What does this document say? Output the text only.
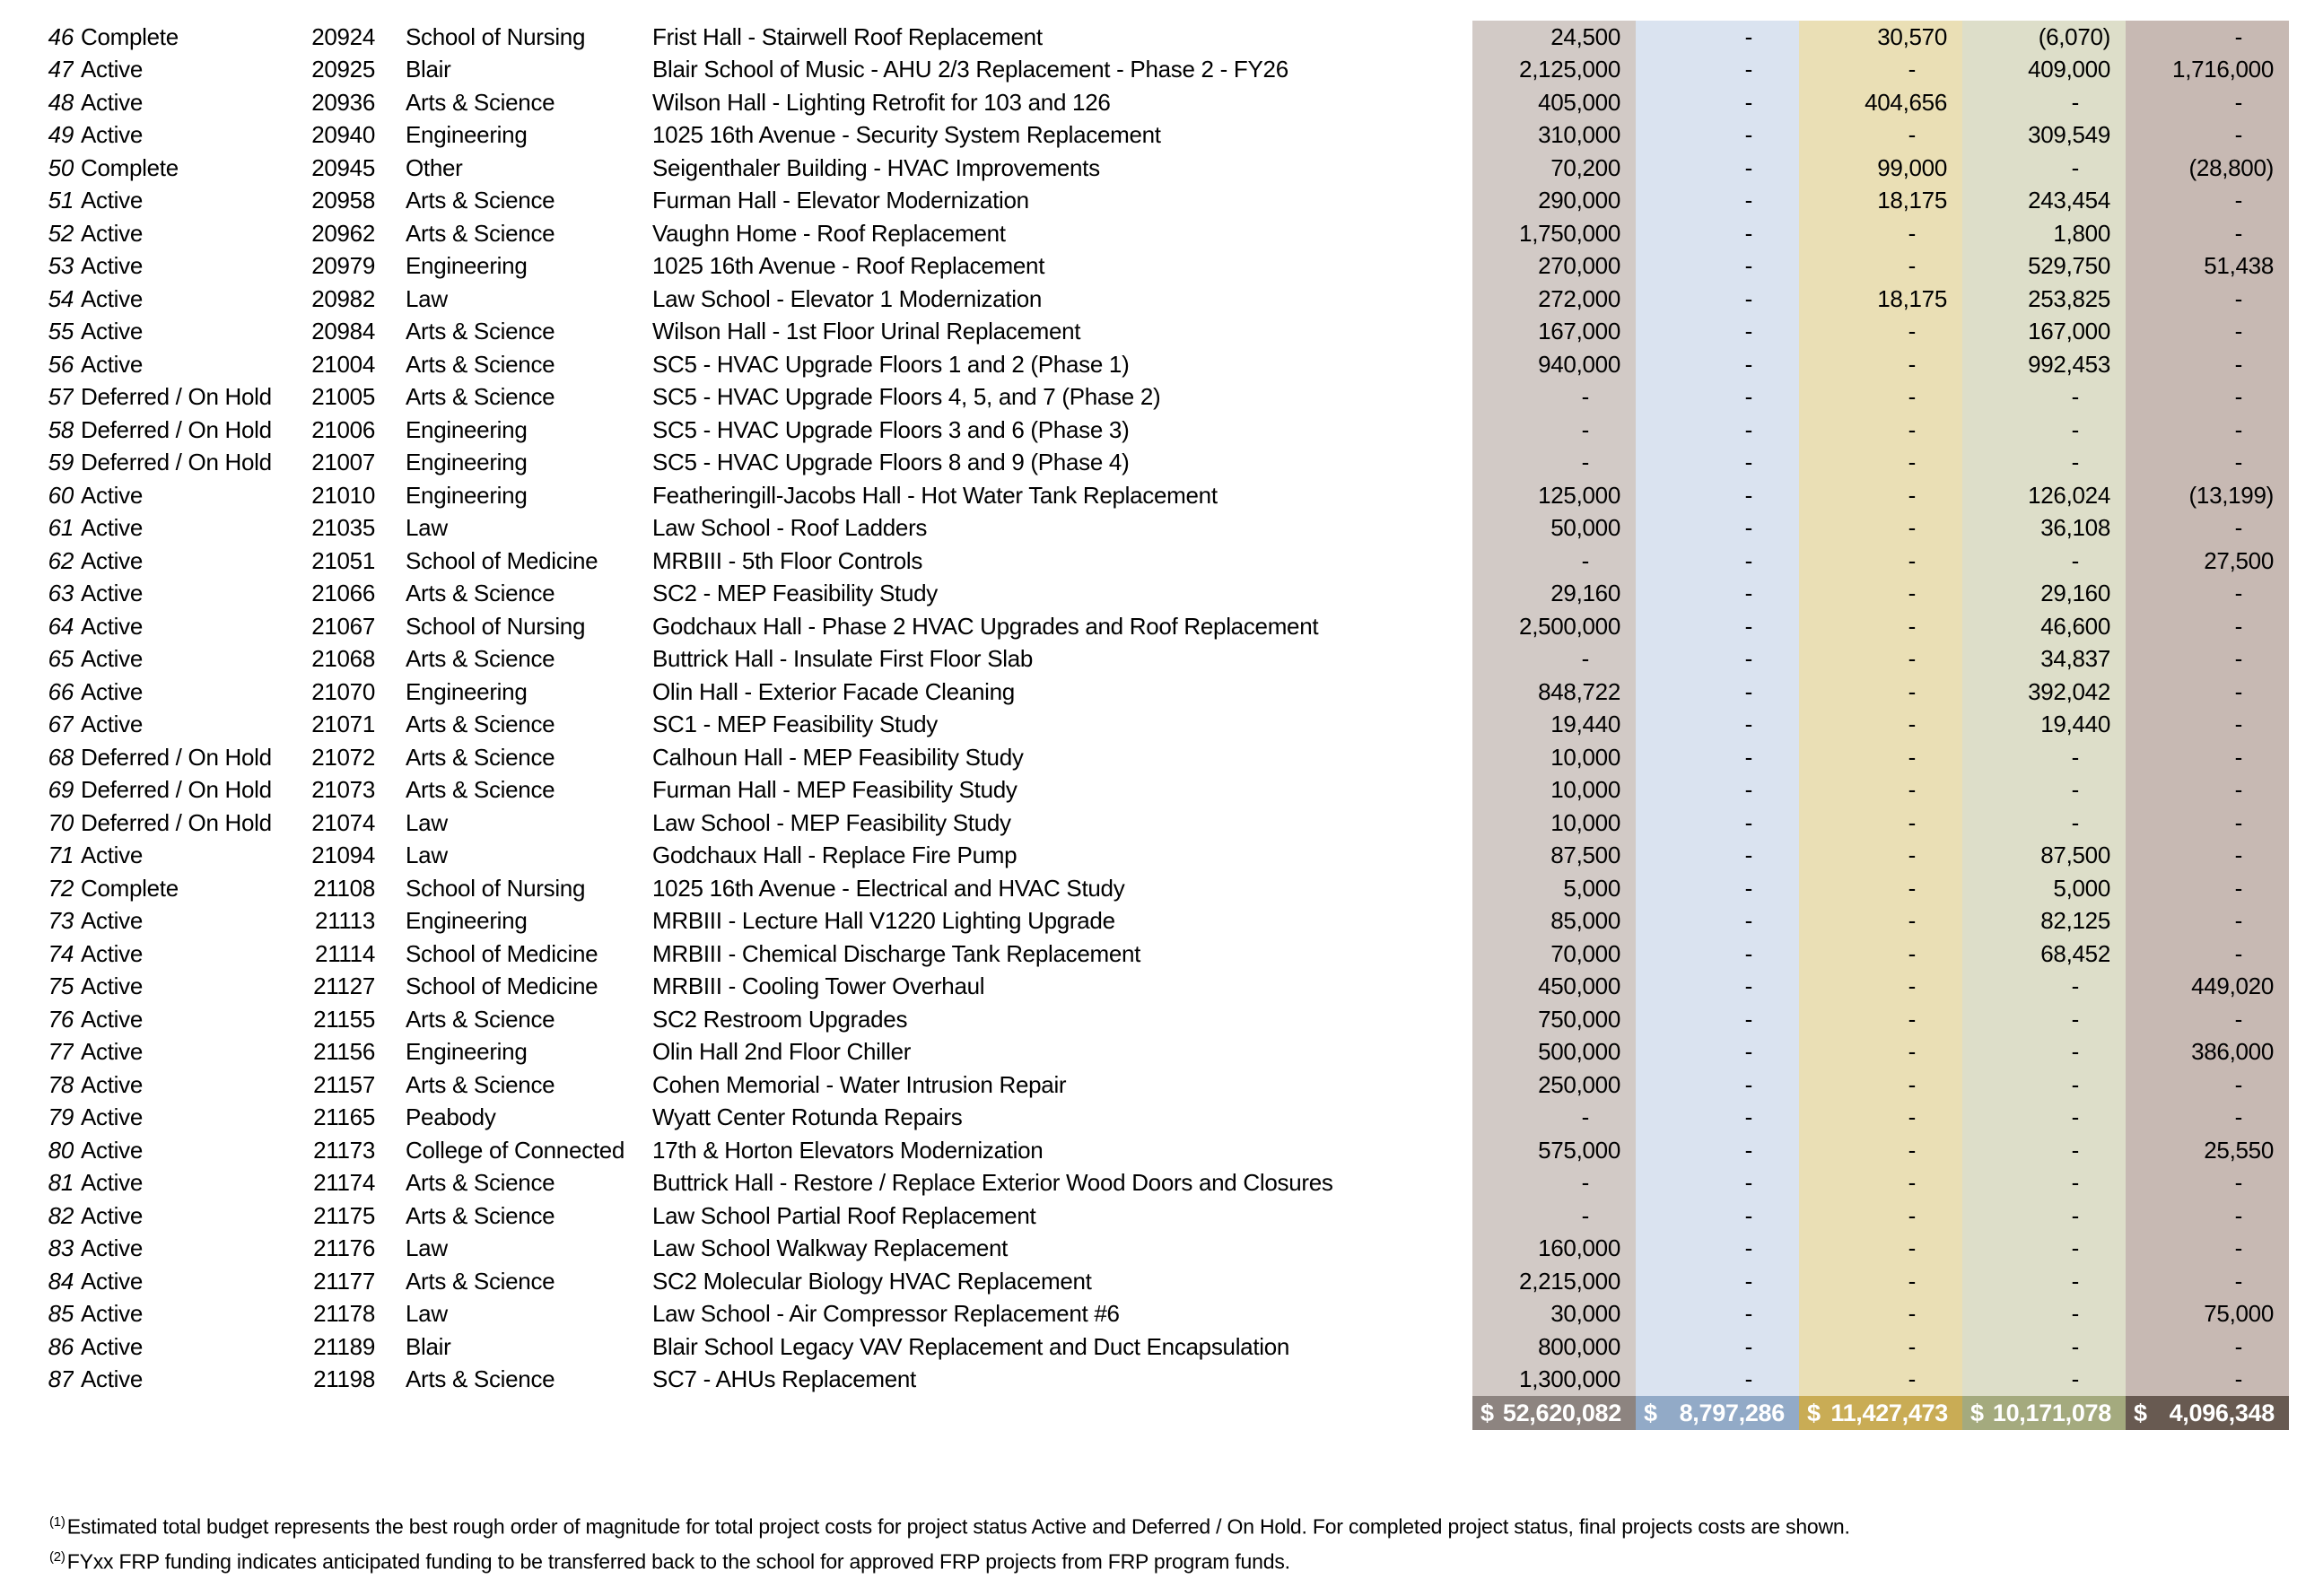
46 Complete	20924	School of Nursing	Frist Hall - Stairwell Roof Replacement	24,500	-	30,570	(6,070)	-
47 Active	20925	Blair	Blair School of Music - AHU 2/3 Replacement - Phase 2 - FY26	2,125,000	-	-	409,000	1,716,000
48 Active	20936	Arts & Science	Wilson Hall - Lighting Retrofit for 103 and 126	405,000	-	404,656	-	-
49 Active	20940	Engineering	1025 16th Avenue - Security System Replacement	310,000	-	-	309,549	-
50 Complete	20945	Other	Seigenthaler Building - HVAC Improvements	70,200	-	99,000	-	(28,800)
51 Active	20958	Arts & Science	Furman Hall - Elevator Modernization	290,000	-	18,175	243,454	-
52 Active	20962	Arts & Science	Vaughn Home - Roof Replacement	1,750,000	-	-	1,800	-
53 Active	20979	Engineering	1025 16th Avenue - Roof Replacement	270,000	-	-	529,750	51,438
54 Active	20982	Law	Law School - Elevator 1 Modernization	272,000	-	18,175	253,825	-
55 Active	20984	Arts & Science	Wilson Hall - 1st Floor Urinal Replacement	167,000	-	-	167,000	-
56 Active	21004	Arts & Science	SC5 - HVAC Upgrade Floors 1 and 2 (Phase 1)	940,000	-	-	992,453	-
57 Deferred / On Hold	21005	Arts & Science	SC5 - HVAC Upgrade Floors 4, 5, and 7 (Phase 2)	-	-	-	-	-
58 Deferred / On Hold	21006	Engineering	SC5 - HVAC Upgrade Floors 3 and 6 (Phase 3)	-	-	-	-	-
59 Deferred / On Hold	21007	Engineering	SC5 - HVAC Upgrade Floors 8 and 9 (Phase 4)	-	-	-	-	-
60 Active	21010	Engineering	Featheringill-Jacobs Hall - Hot Water Tank Replacement	125,000	-	-	126,024	(13,199)
61 Active	21035	Law	Law School - Roof Ladders	50,000	-	-	36,108	-
62 Active	21051	School of Medicine	MRBIII - 5th Floor Controls	-	-	-	-	27,500
63 Active	21066	Arts & Science	SC2 - MEP Feasibility Study	29,160	-	-	29,160	-
64 Active	21067	School of Nursing	Godchaux Hall - Phase 2 HVAC Upgrades and Roof Replacement	2,500,000	-	-	46,600	-
65 Active	21068	Arts & Science	Buttrick Hall - Insulate First Floor Slab	-	-	-	34,837	-
66 Active	21070	Engineering	Olin Hall - Exterior Facade Cleaning	848,722	-	-	392,042	-
67 Active	21071	Arts & Science	SC1 - MEP Feasibility Study	19,440	-	-	19,440	-
68 Deferred / On Hold	21072	Arts & Science	Calhoun Hall - MEP Feasibility Study	10,000	-	-	-	-
69 Deferred / On Hold	21073	Arts & Science	Furman Hall - MEP Feasibility Study	10,000	-	-	-	-
70 Deferred / On Hold	21074	Law	Law School - MEP Feasibility Study	10,000	-	-	-	-
71 Active	21094	Law	Godchaux Hall - Replace Fire Pump	87,500	-	-	87,500	-
72 Complete	21108	School of Nursing	1025 16th Avenue - Electrical and HVAC Study	5,000	-	-	5,000	-
73 Active	21113	Engineering	MRBIII - Lecture Hall V1220 Lighting Upgrade	85,000	-	-	82,125	-
74 Active	21114	School of Medicine	MRBIII - Chemical Discharge Tank Replacement	70,000	-	-	68,452	-
75 Active	21127	School of Medicine	MRBIII - Cooling Tower Overhaul	450,000	-	-	-	449,020
76 Active	21155	Arts & Science	SC2 Restroom Upgrades	750,000	-	-	-	-
77 Active	21156	Engineering	Olin Hall 2nd Floor Chiller	500,000	-	-	-	386,000
78 Active	21157	Arts & Science	Cohen Memorial - Water Intrusion Repair	250,000	-	-	-	-
79 Active	21165	Peabody	Wyatt Center Rotunda Repairs	-	-	-	-	-
80 Active	21173	College of Connected	17th & Horton Elevators Modernization	575,000	-	-	-	25,550
81 Active	21174	Arts & Science	Buttrick Hall - Restore / Replace Exterior Wood Doors and Closures	-	-	-	-	-
82 Active	21175	Arts & Science	Law School Partial Roof Replacement	-	-	-	-	-
83 Active	21176	Law	Law School Walkway Replacement	160,000	-	-	-	-
84 Active	21177	Arts & Science	SC2 Molecular Biology HVAC Replacement	2,215,000	-	-	-	-
85 Active	21178	Law	Law School - Air Compressor Replacement #6	30,000	-	-	-	75,000
86 Active	21189	Blair	Blair School Legacy VAV Replacement and Duct Encapsulation	800,000	-	-	-	-
87 Active	21198	Arts & Science	SC7 - AHUs Replacement	1,300,000	-	-	-	-
$ 52,620,082 $ 8,797,286 $ 11,427,473 $ 10,171,078 $ 4,096,348
$^{(1)}$Estimated total budget represents the best rough order of magnitude for total project costs for project status Active and Deferred / On Hold. For completed project status, final projects costs are shown.
$^{(2)}$FYxx FRP funding indicates anticipated funding to be transferred back to the school for approved FRP projects from FRP program funds.
